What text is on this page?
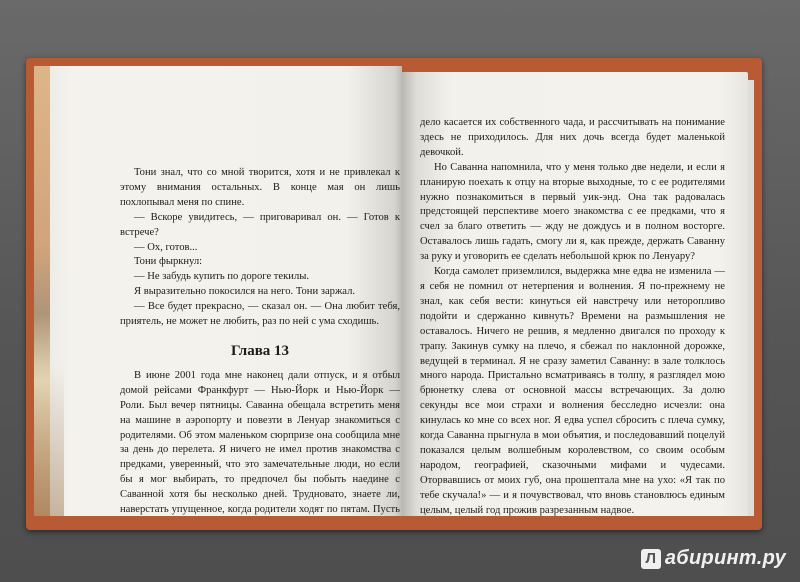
Тони знал, что со мной творится, хотя и не привлекал к этому внимания остальных. В конце мая он лишь похлопывал меня по спине.

— Вскоре увидитесь, — приговаривал он. — Готов к встрече?

— Ох, готов...

Тони фыркнул:

— Не забудь купить по дороге текилы.

Я выразительно покосился на него. Тони заржал.

— Все будет прекрасно, — сказал он. — Она любит тебя, приятель, не может не любить, раз по ней с ума сходишь.

Глава 13

В июне 2001 года мне наконец дали отпуск, и я отбыл домой рейсами Франкфурт — Нью-Йорк и Нью-Йорк — Роли. Был вечер пятницы. Саванна обещала встретить меня на машине в аэропорту и повезти в Ленуар знакомиться с родителями. Об этом маленьком сюрпризе она сообщила мне за день до перелета. Я ничего не имел против знакомства с предками, уверенный, что это замечательные люди, но если бы я мог выбирать, то предпочел бы побыть наедине с Саванной хотя бы несколько дней. Трудновато, знаете ли, наверстать упущенное, когда родители ходят по пятам. Пусть

дело касается их собственного чада, и рассчитывать на понимание здесь не приходилось. Для них дочь всегда будет маленькой девочкой.

Но Саванна напомнила, что у меня только две недели, и если я планирую поехать к отцу на вторые выходные, то с ее родителями нужно познакомиться в первый уик-энд. Она так радовалась предстоящей перспективе моего знакомства с ее предками, что я счел за благо ответить — жду не дождусь и в полном восторге. Оставалось лишь гадать, смогу ли я, как прежде, держать Саванну за руку и уговорить ее сделать небольшой крюк по Ленуару?

Когда самолет приземлился, выдержка мне едва не изменила — я себя не помнил от нетерпения и волнения. Я по-прежнему не знал, как себя вести: кинуться ей навстречу или неторопливо подойти и сдержанно кивнуть? Времени на размышления не оставалось. Ничего не решив, я медленно двигался по проходу к трапу. Закинув сумку на плечо, я сбежал по наклонной дорожке, ведущей в терминал. Я не сразу заметил Саванну: в зале толклось много народа. Пристально всматриваясь в толпу, я разглядел мою брюнетку слева от основной массы встречающих. За долю секунды все мои страхи и волнения бесследно исчезли: она кинулась ко мне со всех ног. Я едва успел сбросить с плеча сумку, когда Саванна прыгнула в мои объятия, и последовавший поцелуй показался целым волшебным королевством, со своим особым народом, географией, сказочными мифами и чудесами. Оторвавшись от моих губ, она прошептала мне на ухо: «Я так по тебе скучала!» — и я почувствовал, что вновь становлюсь единым целым, целый год прожив разрезанным надвое.

Л абиринт.ру
